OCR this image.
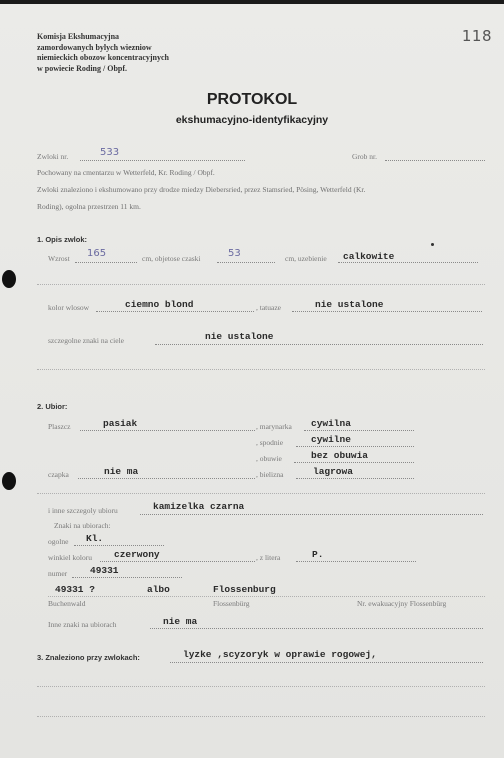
Komisja Ekshumacyjna
zamordowanych bylych wiezniow
niemieckich obozow koncentracyjnych
w powiecie Roding / Obpf.
118
PROTOKOL
ekshumacyjno-identyfikacyjny
Zwloki nr.	533	Grob nr.
Pochowany na cmentarzu w Wetterfeld, Kr. Roding / Obpf.
Zwloki znaleziono i ekshumowano przy drodze miedzy Diebersried, przez Stamsried, Pösing, Wetterfeld (Kr.
Roding), ogolna przestrzen 11 km.
1. Opis zwlok:
Wzrost 165	cm, objetose czaski	53	cm, uzebienie calkowite
kolor wlosow	ciemno blond	, tatuaze	nie ustalone
szczegolne znaki na ciele	nie ustalone
2. Ubior:
Plaszcz	pasiak	, marynarka cywilna
, spodnie	cywilne
, obuwie	bez obuwia
czapka	nie ma	, bielizna	lagrowa
i inne szczegoly ubioru	kamizelka czarna
Znaki na ubiorach:
ogolne Kl.
winkiel koloru czerwony	, z litera	P.
numer 49331
49331 ?	albo	Flossenburg
Buchenwald	Flossenbürg	Nr. ewakuacyjny Flossenbürg
Inne znaki na ubiorach	nie ma
3. Znaleziono przy zwlokach:	lyzke ,scyzoryk w oprawie rogowej,
